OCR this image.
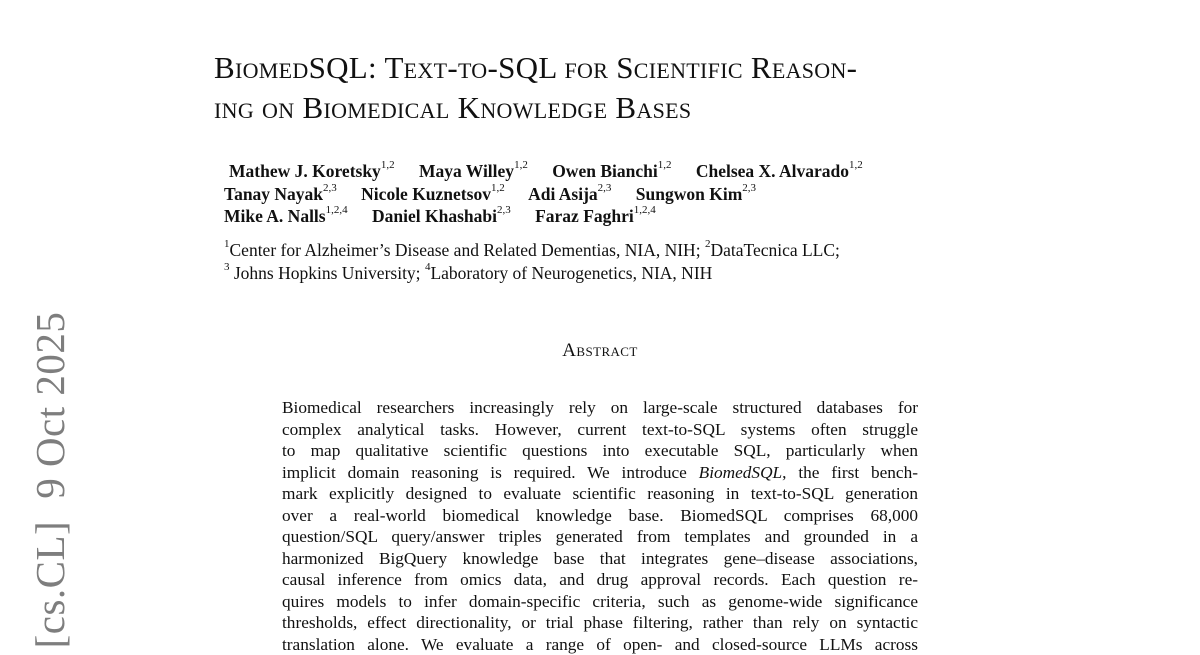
[cs.CL]9 Oct 2025
BiomedSQL: Text-to-SQL for Scientific Reason-
ing on Biomedical Knowledge Bases
Mathew J. Koretsky$^{1,2}$ Maya Willey$^{1,2}$ Owen Bianchi$^{1,2}$ Chelsea X. Alvarado$^{1,2}$
Tanay Nayak$^{2,3}$ Nicole Kuznetsov$^{1,2}$ Adi Asija$^{2,3}$ Sungwon Kim$^{2,3}$
Mike A. Nalls$^{1,2,4}$ Daniel Khashabi$^{2,3}$ Faraz Faghri$^{1,2,4}$
$^1$Center for Alzheimer’s Disease and Related Dementias, NIA, NIH; $^2$DataTecnica LLC;
$^3$ Johns Hopkins University; $^4$Laboratory of Neurogenetics, NIA, NIH
Abstract
Biomedical researchers increasingly rely on large-scale structured databases for
complex analytical tasks. However, current text-to-SQL systems often struggle
to map qualitative scientific questions into executable SQL, particularly when
implicit domain reasoning is required. We introduce BiomedSQL, the first bench-
mark explicitly designed to evaluate scientific reasoning in text-to-SQL generation
over a real-world biomedical knowledge base. BiomedSQL comprises 68,000
question/SQL query/answer triples generated from templates and grounded in a
harmonized BigQuery knowledge base that integrates gene–disease associations,
causal inference from omics data, and drug approval records. Each question re-
quires models to infer domain-specific criteria, such as genome-wide significance
thresholds, effect directionality, or trial phase filtering, rather than rely on syntactic
translation alone. We evaluate a range of open- and closed-source LLMs across
